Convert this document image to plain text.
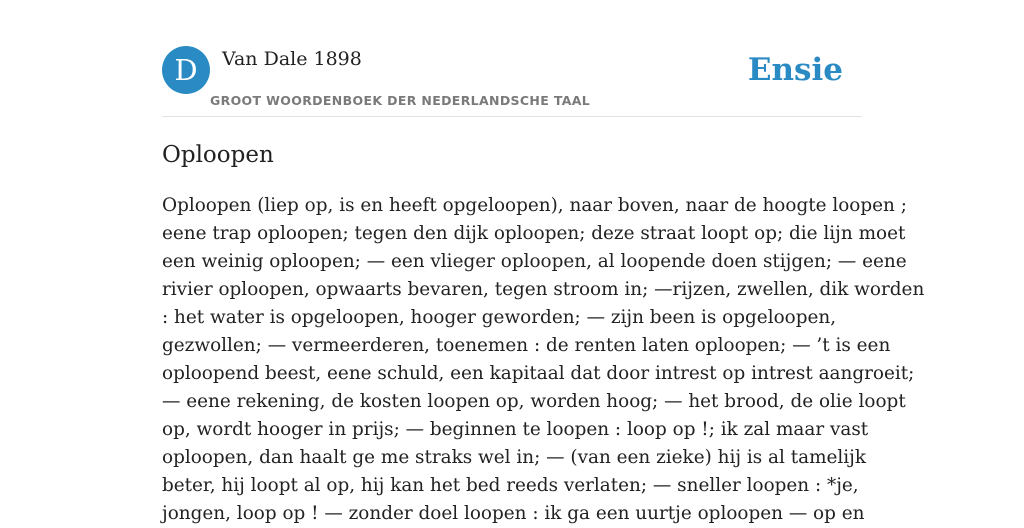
D	Van Dale 1898
GROOT WOORDENBOEK DER NEDERLANDSCHE TAAL
Ensie
Oploopen
Oploopen (liep op, is en heeft opgeloopen), naar boven, naar de hoogte loopen ;
eene trap oploopen; tegen den dijk oploopen; deze straat loopt op; die lijn moet
een weinig oploopen; — een vlieger oploopen, al loopende doen stijgen; — eene
rivier oploopen, opwaarts bevaren, tegen stroom in; —rijzen, zwellen, dik worden
: het water is opgeloopen, hooger geworden; — zijn been is opgeloopen,
gezwollen; — vermeerderen, toenemen : de renten laten oploopen; — ’t is een
oploopend beest, eene schuld, een kapitaal dat door intrest op intrest aangroeit;
— eene rekening, de kosten loopen op, worden hoog; — het brood, de olie loopt
op, wordt hooger in prijs; — beginnen te loopen : loop op !; ik zal maar vast
oploopen, dan haalt ge me straks wel in; — (van een zieke) hij is al tamelijk
beter, hij loopt al op, hij kan het bed reeds verlaten; — sneller loopen : *je,
jongen, loop op ! — zonder doel loopen : ik ga een uurtje oploopen — op en
